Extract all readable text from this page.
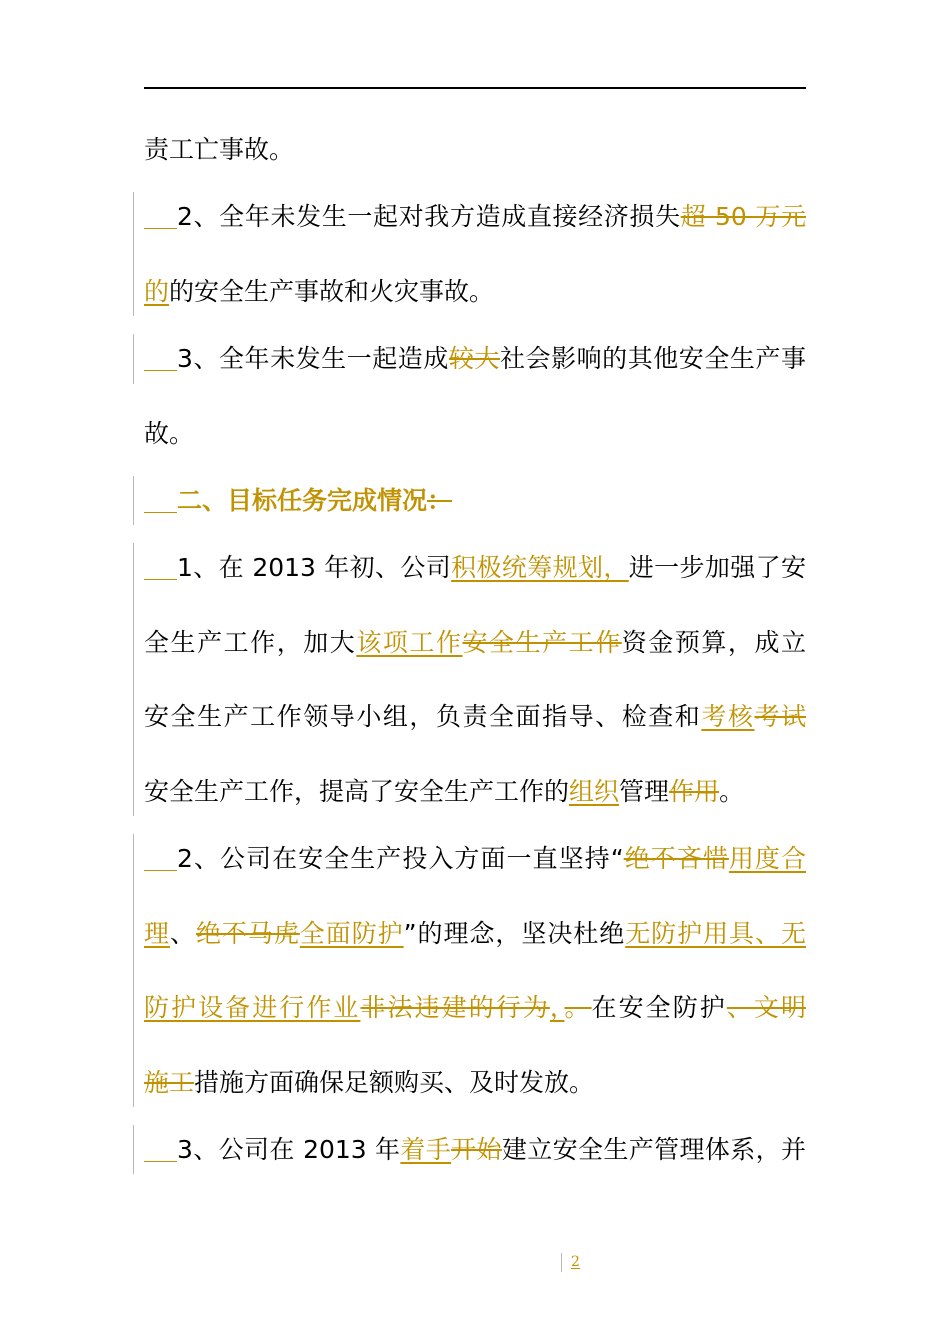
责工亡事故。
2、全年未发生一起对我方造成直接经济损失超 50 万元
的的安全生产事故和火灾事故。
3、全年未发生一起造成较大社会影响的其他安全生产事
故。
二、目标任务完成情况：
1、在 2013 年初、公司积极统筹规划，进一步加强了安
全生产工作，加大该项工作安全生产工作资金预算，成立
安全生产工作领导小组，负责全面指导、检查和考核考试
安全生产工作，提高了安全生产工作的组织管理作用。
2、公司在安全生产投入方面一直坚持“绝不吝惜用度合
理、绝不马虎全面防护”的理念，坚决杜绝无防护用具、无
防护设备进行作业非法违建的行为，。在安全防护、文明
施工措施方面确保足额购买、及时发放。
3、公司在 2013 年着手开始建立安全生产管理体系，并
2
